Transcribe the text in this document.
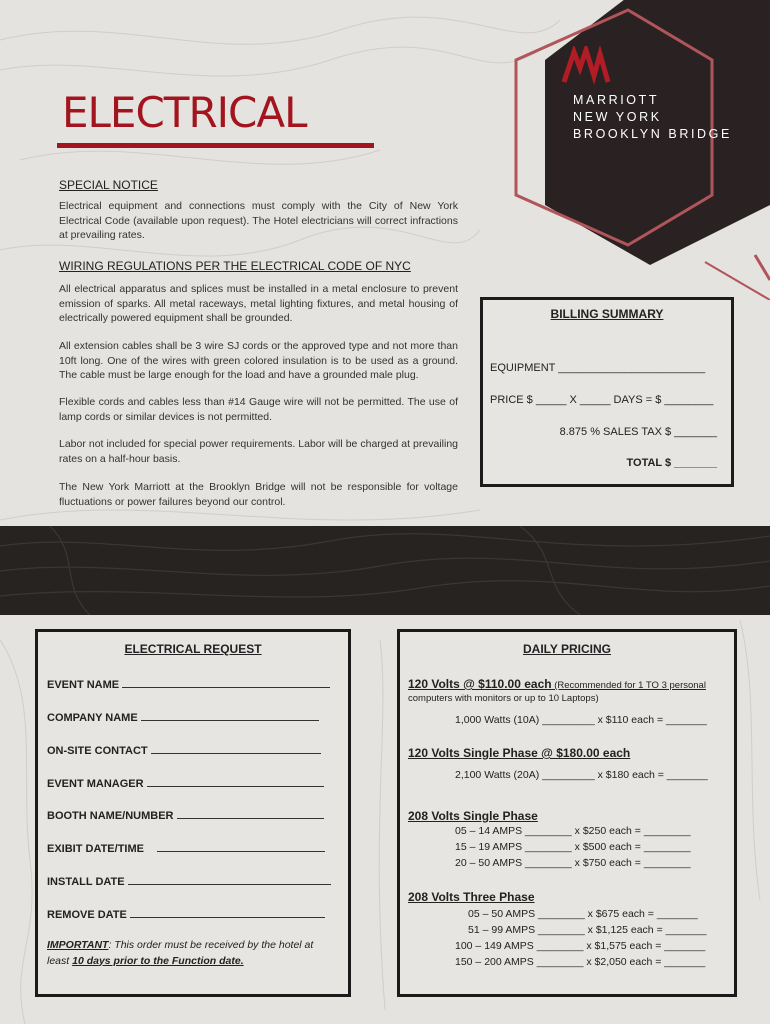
MARRIOTT
NEW YORK
BROOKLYN BRIDGE
ELECTRICAL
SPECIAL NOTICE
Electrical equipment and connections must comply with the City of New York Electrical Code (available upon request). The Hotel electricians will correct infractions at prevailing rates.
WIRING REGULATIONS PER THE ELECTRICAL CODE OF NYC
All electrical apparatus and splices must be installed in a metal enclosure to prevent emission of sparks. All metal raceways, metal lighting fixtures, and metal housing of electrically powered equipment shall be grounded.
All extension cables shall be 3 wire SJ cords or the approved type and not more than 10ft long. One of the wires with green colored insulation is to be used as a ground. The cable must be large enough for the load and have a grounded male plug.
Flexible cords and cables less than #14 Gauge wire will not be permitted. The use of lamp cords or similar devices is not permitted.
Labor not included for special power requirements. Labor will be charged at prevailing rates on a half-hour basis.
The New York Marriott at the Brooklyn Bridge will not be responsible for voltage fluctuations or power failures beyond our control.
BILLING SUMMARY
EQUIPMENT ________________________
PRICE $ _____ X _____ DAYS = $ ________
8.875 % SALES TAX $ _______
TOTAL $ _______
ELECTRICAL REQUEST
EVENT NAME
COMPANY NAME
ON-SITE CONTACT
EVENT MANAGER
BOOTH NAME/NUMBER
EXIBIT DATE/TIME
INSTALL DATE
REMOVE DATE
IMPORTANT: This order must be received by the hotel at
least 10 days prior to the Function date.
DAILY PRICING
120 Volts @ $110.00 each (Recommended for 1 TO 3 personal
computers with monitors or up to 10 Laptops)
1,000 Watts (10A) _________ x $110 each = _______
120 Volts Single Phase @ $180.00 each
2,100 Watts (20A) _________ x $180 each = _______
208 Volts Single Phase
05 – 14 AMPS ________ x $250 each = ________
15 – 19 AMPS ________ x $500 each = ________
20 – 50 AMPS ________ x $750 each = ________
208 Volts Three Phase
05 – 50 AMPS ________ x $675 each = _______
51 – 99 AMPS ________ x $1,125 each = _______
100 – 149 AMPS ________ x $1,575 each = _______
150 – 200 AMPS ________ x $2,050 each = _______
